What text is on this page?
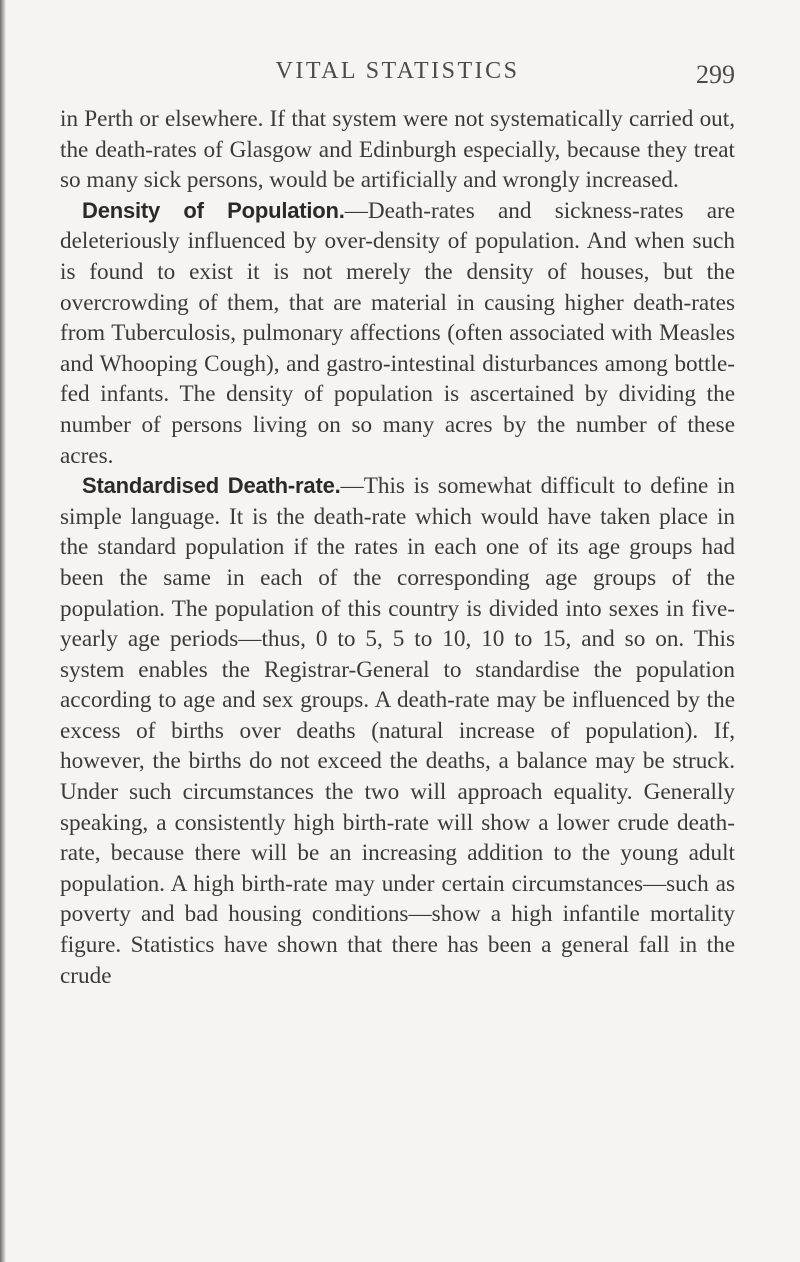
VITAL STATISTICS	299

in Perth or elsewhere. If that system were not systematically carried out, the death-rates of Glasgow and Edinburgh especially, because they treat so many sick persons, would be artificially and wrongly increased.

Density of Population.—Death-rates and sickness-rates are deleteriously influenced by over-density of population. And when such is found to exist it is not merely the density of houses, but the overcrowding of them, that are material in causing higher death-rates from Tuberculosis, pulmonary affections (often associated with Measles and Whooping Cough), and gastro-intestinal disturbances among bottle-fed infants. The density of population is ascertained by dividing the number of persons living on so many acres by the number of these acres.

Standardised Death-rate.—This is somewhat difficult to define in simple language. It is the death-rate which would have taken place in the standard population if the rates in each one of its age groups had been the same in each of the corresponding age groups of the population. The population of this country is divided into sexes in five-yearly age periods—thus, 0 to 5, 5 to 10, 10 to 15, and so on. This system enables the Registrar-General to standardise the population according to age and sex groups. A death-rate may be influenced by the excess of births over deaths (natural increase of population). If, however, the births do not exceed the deaths, a balance may be struck. Under such circumstances the two will approach equality. Generally speaking, a consistently high birth-rate will show a lower crude death-rate, because there will be an increasing addition to the young adult population. A high birth-rate may under certain circumstances—such as poverty and bad housing conditions—show a high infantile mortality figure. Statistics have shown that there has been a general fall in the crude
